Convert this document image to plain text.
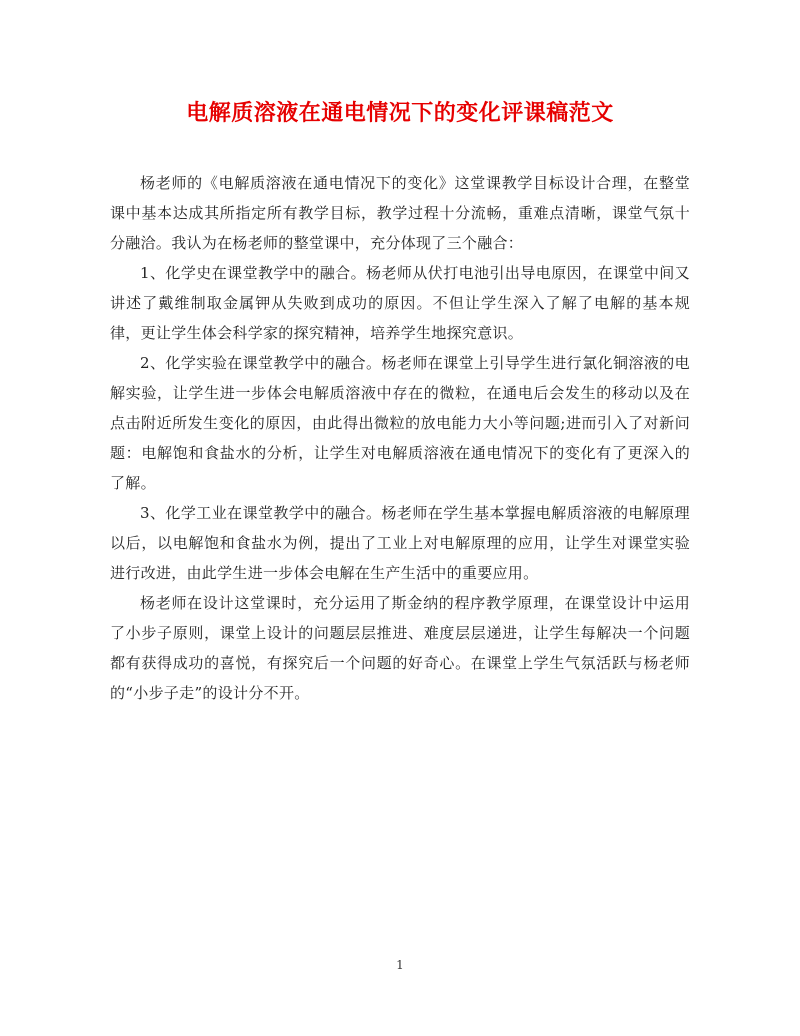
电解质溶液在通电情况下的变化评课稿范文

杨老师的《电解质溶液在通电情况下的变化》这堂课教学目标设计合理，在整堂课中基本达成其所指定所有教学目标，教学过程十分流畅，重难点清晰，课堂气氛十分融洽。我认为在杨老师的整堂课中，充分体现了三个融合：

1、化学史在课堂教学中的融合。杨老师从伏打电池引出导电原因，在课堂中间又讲述了戴维制取金属钾从失败到成功的原因。不但让学生深入了解了电解的基本规律，更让学生体会科学家的探究精神，培养学生地探究意识。

2、化学实验在课堂教学中的融合。杨老师在课堂上引导学生进行氯化铜溶液的电解实验，让学生进一步体会电解质溶液中存在的微粒，在通电后会发生的移动以及在点击附近所发生变化的原因，由此得出微粒的放电能力大小等问题;进而引入了对新问题：电解饱和食盐水的分析，让学生对电解质溶液在通电情况下的变化有了更深入的了解。

3、化学工业在课堂教学中的融合。杨老师在学生基本掌握电解质溶液的电解原理以后，以电解饱和食盐水为例，提出了工业上对电解原理的应用，让学生对课堂实验进行改进，由此学生进一步体会电解在生产生活中的重要应用。

杨老师在设计这堂课时，充分运用了斯金纳的程序教学原理，在课堂设计中运用了小步子原则，课堂上设计的问题层层推进、难度层层递进，让学生每解决一个问题都有获得成功的喜悦，有探究后一个问题的好奇心。在课堂上学生气氛活跃与杨老师的“小步子走”的设计分不开。

1
